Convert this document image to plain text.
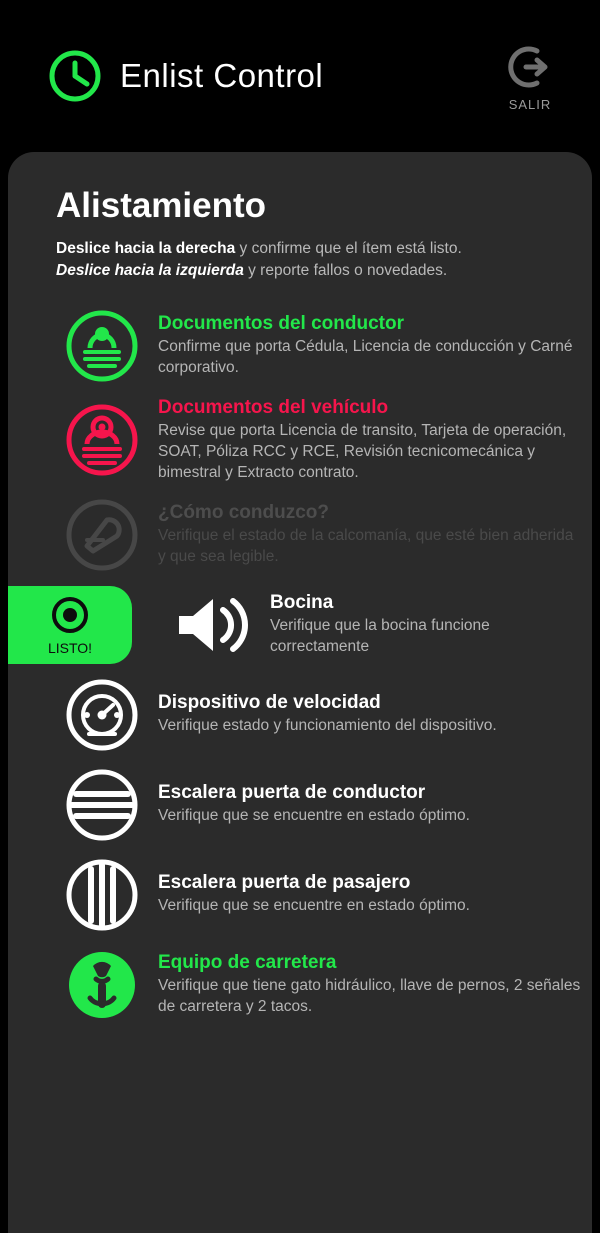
Enlist Control
SALIR
Alistamiento
Deslice hacia la derecha y confirme que el ítem está listo.
Deslice hacia la izquierda y reporte fallos o novedades.
Documentos del conductor
Confirme que porta Cédula, Licencia de conducción y Carné corporativo.
Documentos del vehículo
Revise que porta Licencia de transito, Tarjeta de operación, SOAT, Póliza RCC y RCE, Revisión tecnicomecánica y bimestral y Extracto contrato.
¿Cómo conduzco?
Verifique el estado de la calcomanía, que esté bien adherida y que sea legible.
LISTO!
Bocina
Verifique que la bocina funcione correctamente
Dispositivo de velocidad
Verifique estado y funcionamiento del dispositivo.
Escalera puerta de conductor
Verifique que se encuentre en estado óptimo.
Escalera puerta de pasajero
Verifique que se encuentre en estado óptimo.
Equipo de carretera
Verifique que tiene gato hidráulico, llave de pernos, 2 señales de carretera y 2 tacos.
